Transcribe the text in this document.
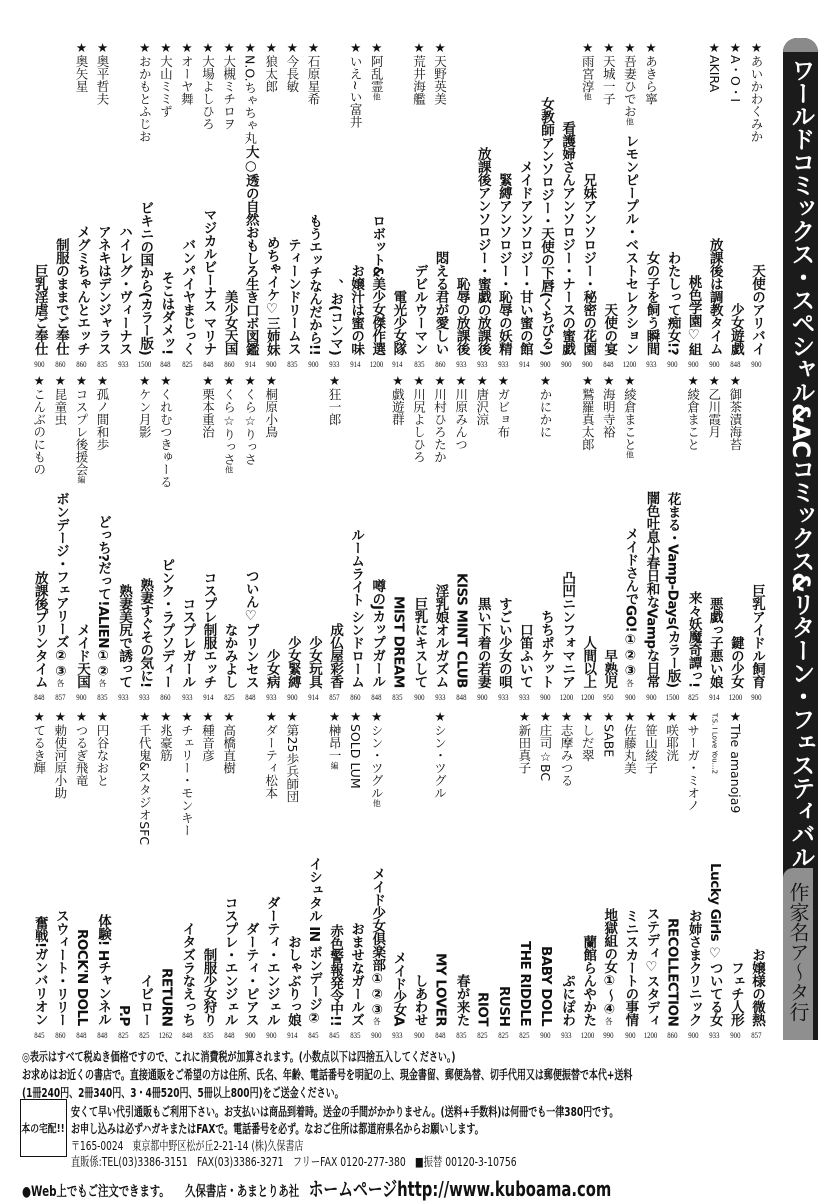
ワールドコミックス・スペシャル&ACコミックス&リターン・フェスティバル
作家名ア～タ行
★あいかわくみか
天使のアリバイ
900
★A・O・I
少女遊戯
848
★AKIRA
放課後は調教タイム
900
桃色学園♡組
900
わたしって痴女!?
900
★あきら寧
女の子を飼う瞬間
933
★吾妻ひでお他
レモンピープル・ベストセレクション
1200
★天城一子
天使の宴
848
★雨宮淳他
兄妹アンソロジー・秘密の花園
900
看護婦さんアンソロジー・ナースの蜜戯
900
女教師アンソロジー・天使の下唇(くちびる)
900
メイドアンソロジー・甘い蜜の館
914
緊縛アンソロジー・恥辱の妖精
933
放課後アンソロジー・蜜戯の放課後
933
恥辱の放課後
933
★天野英美
悶える君が愛しい
860
★荒井海艦
デビルウーマン
835
電光少女隊
914
★阿乱霊他
ロボット&美少女傑作選
1200
★いえ~い富井
お嬢汁は蜜の味
914
、お(コンマ)
933
★石原星希
もうエッチなんだから!!
900
★今長敏
ティーンドリームス
835
★狼太郎
めちゃイケ♡三姉妹
900
★N.O.ちゃちゃ丸
大○透の自然おもしろ生き口ボ図鑑
914
★大槻ミチロヲ
美少女天国
860
★大場よしひろ
マジカルビーナス マリナ
848
★オーヤ舞
バンパイヤまじっく
825
★大山ミミず
そこはダメッ!
848
★おかもとふじお
ビキニの国から(カラー版)
1500
ハイレグ・ヴィーナス
933
★奥平哲夫
アネキはデンジャラス
835
★奥矢星
メグミちゃんとエッチ
860
制服のままでご奉仕
860
巨乳淫虐ご奉仕
900
巨乳アイドル飼育
900
★御茶漬海苔
鍵の少女
1200
★乙川霞月
悪戯っ子悪い娘
914
★綾倉まこと
来々妖魔奇譚っ!
825
花まる・Vamp-Days(カラー版)
1500
闇色吐息小春日和なVampな日常
900
★綾倉まこと他
メイドさんでGO!①②③
各
900
★海明寺裕
早熟児
950
★鷲羅真太郎
人間以上
1200
凸凹ニンフォマニア
1200
★かにかに
ちちポケット
900
口笛ふいて
933
★ガビョ布
すごい少女の唄
933
★唐沢涼
黒い下着の若妻
900
★川原みんつ
KISS MINT CLUB
848
★川村ひろたか
淫乳娘オルガズム
933
★川尻よしひろ
巨乳にキスして
900
★戯遊群
MIST DREAM
835
噂のJカップガール
848
ルームライト シンドローム
860
★狂一郎
成仏屋彩香
857
少女玩具
914
少女緊縛
900
★桐原小鳥
少女病
933
★くら☆りっさ
ついん♡プリンセス
848
★くら☆りっさ他
なかみよし
825
★栗本重治
コスプレ制服エッチ
914
コスプレガール
933
★くれむつきゅーる
ピンク・ラプソディー
860
★ケン月影
熟妻すぐその気に!
933
熟妻美尻で誘って
933
★孤ノ間和歩
どっち?だって!ALIEN①②
各
835
★コスプレ後援会編
メイド天国
900
★昆童虫
ボンデージ・フェアリーズ②③
各
857
★こんぶのにもの
放課後プリンタイム
848
お嬢様の微熱
857
★The amanoja9
フェチ人形
900
T.S. I Love You…2
Lucky Girls ♡ついてる女
933
★サーガ・ミオノ
お姉さまクリニック
900
★咲耶洸
RECOLLECTION
860
★笹山綾子
ステディ♡スタディ
1200
★佐藤丸美
ミニスカートの事情
900
★SABE
地獄組の女①～④
各
990
★しだ翠
蘭館らんやかた
1200
★志摩みつる
ぷにぽわ
933
★庄司☆BC
BABY DOLL
900
★新田真子
THE RIDDLE
825
RUSH
825
RIOT
825
春が来た
835
★シン・ツグル
MY LOVER
848
しあわせ
900
メイド少女A
933
★シン・ツグル他
メイド少女倶楽部①②③
各
900
★SOLD LUM
おませなガールズ
835
★榊昂一編
赤色警報発令中!!
845
イシュタル IN ボンデージ②
845
★第25歩兵師団
おしゃぶりっ娘
914
★ダーティ松本
ダーティ・エンジェル
900
ダーティ・ピアス
900
★高橋直樹
コスプレ・エンジェル
848
★種音彦
制服少女狩り
835
★チェリー・モンキー
イタズラなえっち
848
★兆豪筋
RETURN
1262
★千代鬼&スタジオSFC
イビロー
825
P.P
825
★円谷なおと
体験! Hチャンネル
848
★つるぎ飛竜
ROCK'N DOLL
848
★勅使河原小助
スウィート・リリー
860
★てるき輝
奮戦!ガンバリオン
845
◎表示はすべて税ぬき価格ですので、これに消費税が加算されます。(小数点以下は四捨五入してください。)
お求めはお近くの書店で。直接通販をご希望の方は住所、氏名、年齢、電話番号を明記の上、現金書留、郵便為替、切手代用又は郵便振替で本代+送料
(1冊240円、2冊340円、3・4冊520円、5冊以上800円)をご送金ください。
本の宅配!!
安くて早い代引通販もご利用下さい。お支払いは商品到着時。送金の手間がかかりません。(送料+手数料)は何冊でも一律380円です。
お申し込みは必ずハガキまたはFAXで。電話番号を必ず。なおご住所は都道府県名からお願いします。
〒165-0024　東京都中野区松が丘2-21-14 (株)久保書店
直販係:TEL(03)3386-3151　FAX(03)3386-3271　フリーFAX 0120-277-380　■振替 00120-3-10756
●Web上でもご注文できます。 久保書店・あまとりあ社 ホームページhttp://www.kuboama.com
